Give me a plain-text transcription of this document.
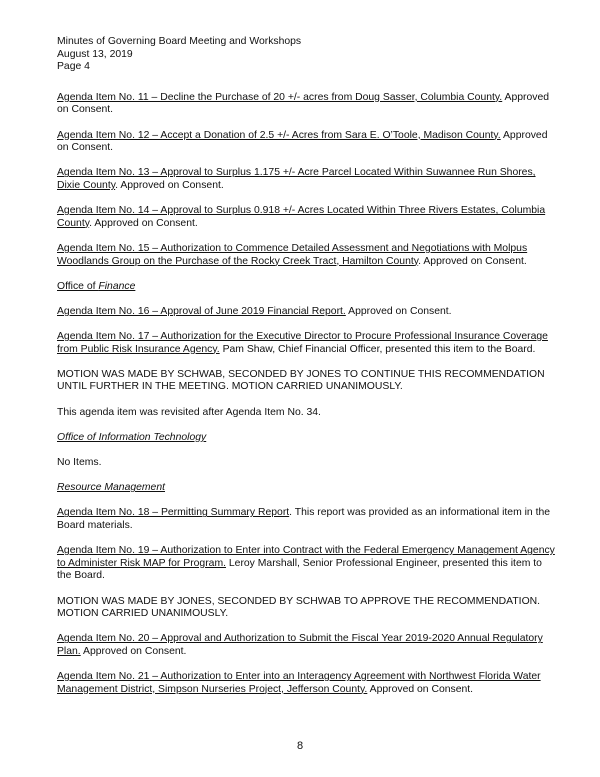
Minutes of Governing Board Meeting and Workshops
August 13, 2019
Page 4

Agenda Item No. 11 – Decline the Purchase of 20 +/- acres from Doug Sasser, Columbia County. Approved on Consent.

Agenda Item No. 12 – Accept a Donation of 2.5 +/- Acres from Sara E. O’Toole, Madison County. Approved on Consent.

Agenda Item No. 13 – Approval to Surplus 1.175 +/- Acre Parcel Located Within Suwannee Run Shores, Dixie County. Approved on Consent.

Agenda Item No. 14 – Approval to Surplus 0.918 +/- Acres Located Within Three Rivers Estates, Columbia County. Approved on Consent.

Agenda Item No. 15 – Authorization to Commence Detailed Assessment and Negotiations with Molpus Woodlands Group on the Purchase of the Rocky Creek Tract, Hamilton County. Approved on Consent.

Office of Finance

Agenda Item No. 16 – Approval of June 2019 Financial Report. Approved on Consent.

Agenda Item No. 17 – Authorization for the Executive Director to Procure Professional Insurance Coverage from Public Risk Insurance Agency. Pam Shaw, Chief Financial Officer, presented this item to the Board.

MOTION WAS MADE BY SCHWAB, SECONDED BY JONES TO CONTINUE THIS RECOMMENDATION UNTIL FURTHER IN THE MEETING. MOTION CARRIED UNANIMOUSLY.

This agenda item was revisited after Agenda Item No. 34.

Office of Information Technology

No Items.

Resource Management

Agenda Item No. 18 – Permitting Summary Report. This report was provided as an informational item in the Board materials.

Agenda Item No. 19 – Authorization to Enter into Contract with the Federal Emergency Management Agency to Administer Risk MAP for Program. Leroy Marshall, Senior Professional Engineer, presented this item to the Board.

MOTION WAS MADE BY JONES, SECONDED BY SCHWAB TO APPROVE THE RECOMMENDATION. MOTION CARRIED UNANIMOUSLY.

Agenda Item No. 20 – Approval and Authorization to Submit the Fiscal Year 2019-2020 Annual Regulatory Plan. Approved on Consent.

Agenda Item No. 21 – Authorization to Enter into an Interagency Agreement with Northwest Florida Water Management District, Simpson Nurseries Project, Jefferson County. Approved on Consent.

8
